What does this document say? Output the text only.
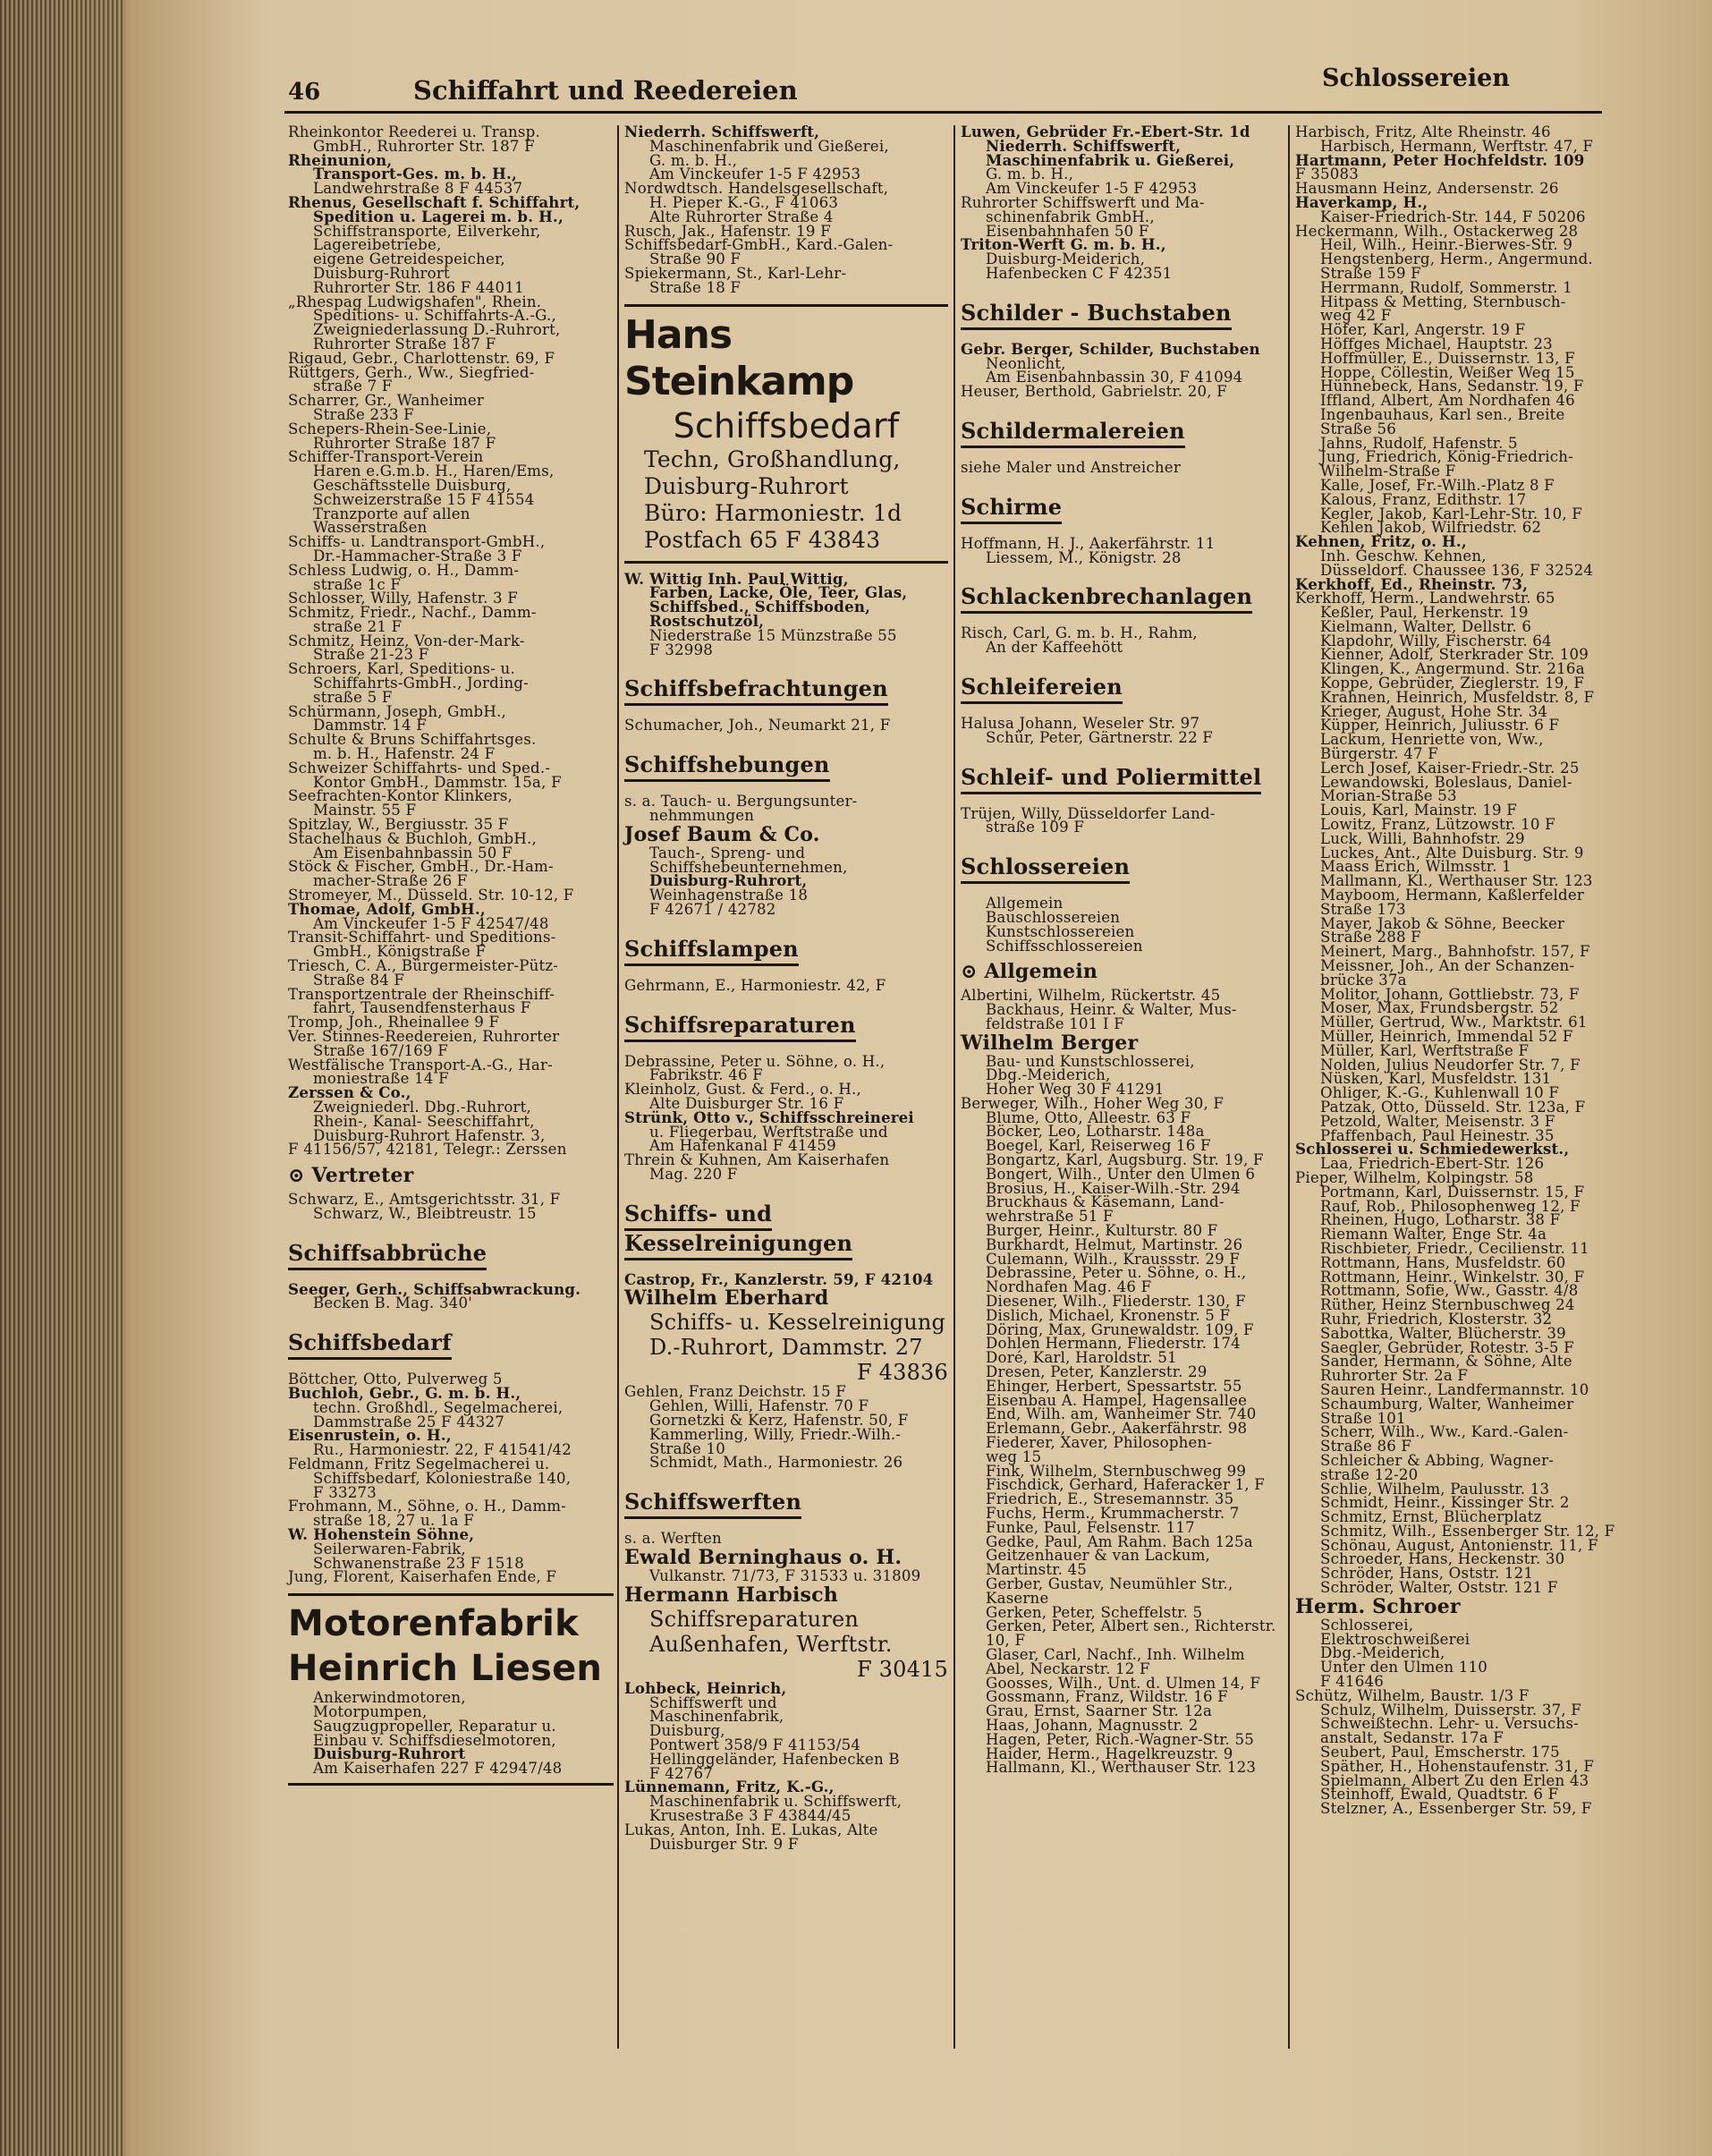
46	Schiffahrt und Reedereien	Schlossereien
Rheinkontor Reederei u. Transp.
GmbH., Ruhrorter Str. 187 F
Rheinunion,
Transport-Ges. m. b. H.,
Landwehrstraße 8 F 44537
Rhenus, Gesellschaft f. Schiffahrt,
Spedition u. Lagerei m. b. H.,
Schiffstransporte, Eilverkehr,
Lagereibetriebe,
eigene Getreidespeicher,
Duisburg-Ruhrort
Ruhrorter Str. 186 F 44011
„Rhespag Ludwigshafen", Rhein.
Speditions- u. Schiffahrts-A.-G.,
Zweigniederlassung D.-Ruhrort,
Ruhrorter Straße 187 F
Rigaud, Gebr., Charlottenstr. 69, F
Rüttgers, Gerh., Ww., Siegfried-
straße 7 F
Scharrer, Gr., Wanheimer
Straße 233 F
Schepers-Rhein-See-Linie,
Ruhrorter Straße 187 F
Schiffer-Transport-Verein
Haren e.G.m.b. H., Haren/Ems,
Geschäftsstelle Duisburg,
Schweizerstraße 15 F 41554
Tranzporte auf allen
Wasserstraßen
Schiffs- u. Landtransport-GmbH.,
Dr.-Hammacher-Straße 3 F
Schless Ludwig, o. H., Damm-
straße 1c F
Schlosser, Willy, Hafenstr. 3 F
Schmitz, Friedr., Nachf., Damm-
straße 21 F
Schmitz, Heinz, Von-der-Mark-
Straße 21-23 F
Schroers, Karl, Speditions- u.
Schiffahrts-GmbH., Jording-
straße 5 F
Schürmann, Joseph, GmbH.,
Dammstr. 14 F
Schulte & Bruns Schiffahrtsges.
m. b. H., Hafenstr. 24 F
Schweizer Schiffahrts- und Sped.-
Kontor GmbH., Dammstr. 15a, F
Seefrachten-Kontor Klinkers,
Mainstr. 55 F
Spitzlay, W., Bergiusstr. 35 F
Stachelhaus & Buchloh, GmbH.,
Am Eisenbahnbassin 50 F
Stöck & Fischer, GmbH., Dr.-Ham-
macher-Straße 26 F
Stromeyer, M., Düsseld. Str. 10-12, F
Thomae, Adolf, GmbH.,
Am Vinckeufer 1-5 F 42547/48
Transit-Schiffahrt- und Speditions-
GmbH., Königstraße F
Triesch, C. A., Bürgermeister-Pütz-
Straße 84 F
Transportzentrale der Rheinschiff-
fahrt, Tausendfensterhaus F
Tromp, Joh., Rheinallee 9 F
Ver. Stinnes-Reedereien, Ruhrorter
Straße 167/169 F
Westfälische Transport-A.-G., Har-
moniestraße 14 F
Zerssen & Co.,
Zweigniederl. Dbg.-Ruhrort,
Rhein-, Kanal- Seeschiffahrt,
Duisburg-Ruhrort Hafenstr. 3,
F 41156/57, 42181, Telegr.: Zerssen
⊙ Vertreter
Schwarz, E., Amtsgerichtsstr. 31, F
Schwarz, W., Bleibtreustr. 15
Schiffsabbrüche
Seeger, Gerh., Schiffsabwrackung.
Becken B. Mag. 340'
Schiffsbedarf
Böttcher, Otto, Pulverweg 5
Buchloh, Gebr., G. m. b. H.,
techn. Großhdl., Segelmacherei,
Dammstraße 25 F 44327
Eisenrustein, o. H.,
Ru., Harmoniestr. 22, F 41541/42
Feldmann, Fritz Segelmacherei u.
Schiffsbedarf, Koloniestraße 140,
F 33273
Frohmann, M., Söhne, o. H., Damm-
straße 18, 27 u. 1a F
W. Hohenstein Söhne,
Seilerwaren-Fabrik,
Schwanenstraße 23 F 1518
Jung, Florent, Kaiserhafen Ende, F
Motorenfabrik
Heinrich Liesen
Ankerwindmotoren,
Motorpumpen,
Saugzugpropeller, Reparatur u.
Einbau v. Schiffsdieselmotoren,
Duisburg-Ruhrort
Am Kaiserhafen 227 F 42947/48
Niederrh. Schiffswerft,
Maschinenfabrik und Gießerei,
G. m. b. H.,
Am Vinckeufer 1-5 F 42953
Nordwdtsch. Handelsgesellschaft,
H. Pieper K.-G., F 41063
Alte Ruhrorter Straße 4
Rusch, Jak., Hafenstr. 19 F
Schiffsbedarf-GmbH., Kard.-Galen-
Straße 90 F
Spiekermann, St., Karl-Lehr-
Straße 18 F
Hans Steinkamp
Schiffsbedarf
Techn, Großhandlung,
Duisburg-Ruhrort
Büro: Harmoniestr. 1d
Postfach 65 F 43843
W. Wittig Inh. Paul Wittig,
Farben, Lacke, Öle, Teer, Glas,
Schiffsbed., Schiffsboden,
Rostschutzöl,
Niederstraße 15 Münzstraße 55
F 32998
Schiffsbefrachtungen
Schumacher, Joh., Neumarkt 21, F
Schiffshebungen
s. a. Tauch- u. Bergungsunter-
nehmmungen
Josef Baum & Co.
Tauch-, Spreng- und
Schiffshebeunternehmen,
Duisburg-Ruhrort,
Weinhagenstraße 18
F 42671 / 42782
Schiffslampen
Gehrmann, E., Harmoniestr. 42, F
Schiffsreparaturen
Debrassine, Peter u. Söhne, o. H.,
Fabrikstr. 46 F
Kleinholz, Gust. & Ferd., o. H.,
Alte Duisburger Str. 16 F
Strünk, Otto v., Schiffsschreinerei
u. Fliegerbau, Werftstraße und
Am Hafenkanal F 41459
Threin & Kuhnen, Am Kaiserhafen
Mag. 220 F
Schiffs- und
Kesselreinigungen
Castrop, Fr., Kanzlerstr. 59, F 42104
Wilhelm Eberhard
Schiffs- u. Kesselreinigung
D.-Ruhrort, Dammstr. 27
F 43836
Gehlen, Franz Deichstr. 15 F
Gehlen, Willi, Hafenstr. 70 F
Gornetzki & Kerz, Hafenstr. 50, F
Kammerling, Willy, Friedr.-Wilh.-
Straße 10
Schmidt, Math., Harmoniestr. 26
Schiffswerften
s. a. Werften
Ewald Berninghaus o. H.
Vulkanstr. 71/73, F 31533 u. 31809
Hermann Harbisch
Schiffsreparaturen
Außenhafen, Werftstr.
F 30415
Lohbeck, Heinrich,
Schiffswerft und
Maschinenfabrik,
Duisburg,
Pontwert 358/9 F 41153/54
Hellinggeländer, Hafenbecken B
F 42767
Lünnemann, Fritz, K.-G.,
Maschinenfabrik u. Schiffswerft,
Krusestraße 3 F 43844/45
Lukas, Anton, Inh. E. Lukas, Alte
Duisburger Str. 9 F
Luwen, Gebrüder Fr.-Ebert-Str. 1d
Niederrh. Schiffswerft,
Maschinenfabrik u. Gießerei,
G. m. b. H.,
Am Vinckeufer 1-5 F 42953
Ruhrorter Schiffswerft und Ma-
schinenfabrik GmbH.,
Eisenbahnhafen 50 F
Triton-Werft G. m. b. H.,
Duisburg-Meiderich,
Hafenbecken C F 42351
Schilder - Buchstaben
Gebr. Berger, Schilder, Buchstaben
Neonlicht,
Am Eisenbahnbassin 30, F 41094
Heuser, Berthold, Gabrielstr. 20, F
Schildermalereien
siehe Maler und Anstreicher
Schirme
Hoffmann, H. J., Aakerfährstr. 11
Liessem, M., Königstr. 28
Schlackenbrechanlagen
Risch, Carl, G. m. b. H., Rahm,
An der Kaffeehött
Schleifereien
Halusa Johann, Weseler Str. 97
Schür, Peter, Gärtnerstr. 22 F
Schleif- und Poliermittel
Trüjen, Willy, Düsseldorfer Land-
straße 109 F
Schlossereien
Allgemein
Bauschlossereien
Kunstschlossereien
Schiffsschlossereien
⊙ Allgemein
Albertini, Wilhelm, Rückertstr. 45
Backhaus, Heinr. & Walter, Mus-
feldstraße 101 I F
Wilhelm Berger
Bau- und Kunstschlosserei,
Dbg.-Meiderich,
Hoher Weg 30 F 41291
Berweger, Wilh., Hoher Weg 30, F
Blume, Otto, Alleestr. 63 F
Böcker, Leo, Lotharstr. 148a
Boegel, Karl, Reiserweg 16 F
Bongartz, Karl, Augsburg. Str. 19, F
Bongert, Wilh., Unter den Ulmen 6
Brosius, H., Kaiser-Wilh.-Str. 294
Bruckhaus & Käsemann, Land-
wehrstraße 51 F
Burger, Heinr., Kulturstr. 80 F
Burkhardt, Helmut, Martinstr. 26
Culemann, Wilh., Kraussstr. 29 F
Debrassine, Peter u. Söhne, o. H.,
Nordhafen Mag. 46 F
Diesener, Wilh., Fliederstr. 130, F
Dislich, Michael, Kronenstr. 5 F
Döring, Max, Grunewaldstr. 109, F
Dohlen Hermann, Fliederstr. 174
Doré, Karl, Haroldstr. 51
Dresen, Peter, Kanzlerstr. 29
Ehinger, Herbert, Spessartstr. 55
Eisenbau A. Hampel, Hagensallee
End, Wilh. am, Wanheimer Str. 740
Erlemann, Gebr., Aakerfährstr. 98
Fiederer, Xaver, Philosophen-
weg 15
Fink, Wilhelm, Sternbuschweg 99
Fischdick, Gerhard, Haferacker 1, F
Friedrich, E., Stresemannstr. 35
Fuchs, Herm., Krummacherstr. 7
Funke, Paul, Felsenstr. 117
Gedke, Paul, Am Rahm. Bach 125a
Geitzenhauer & van Lackum,
Martinstr. 45
Gerber, Gustav, Neumühler Str.,
Kaserne
Gerken, Peter, Scheffelstr. 5
Gerken, Peter, Albert sen., Richterstr. 10, F
Glaser, Carl, Nachf., Inh. Wilhelm
Abel, Neckarstr. 12 F
Goosses, Wilh., Unt. d. Ulmen 14, F
Gossmann, Franz, Wildstr. 16 F
Grau, Ernst, Saarner Str. 12a
Haas, Johann, Magnusstr. 2
Hagen, Peter, Rich.-Wagner-Str. 55
Haider, Herm., Hagelkreuzstr. 9
Hallmann, Kl., Werthauser Str. 123
Harbisch, Fritz, Alte Rheinstr. 46
Harbisch, Hermann, Werftstr. 47, F
Hartmann, Peter Hochfeldstr. 109
F 35083
Hausmann Heinz, Andersenstr. 26
Haverkamp, H.,
Kaiser-Friedrich-Str. 144, F 50206
Heckermann, Wilh., Ostackerweg 28
Heil, Wilh., Heinr.-Bierwes-Str. 9
Hengstenberg, Herm., Angermund.
Straße 159 F
Herrmann, Rudolf, Sommerstr. 1
Hitpass & Metting, Sternbusch-
weg 42 F
Höfer, Karl, Angerstr. 19 F
Höffges Michael, Hauptstr. 23
Hoffmüller, E., Duissernstr. 13, F
Hoppe, Cöllestin, Weißer Weg 15
Hünnebeck, Hans, Sedanstr. 19, F
Iffland, Albert, Am Nordhafen 46
Ingenbauhaus, Karl sen., Breite
Straße 56
Jahns, Rudolf, Hafenstr. 5
Jung, Friedrich, König-Friedrich-
Wilhelm-Straße F
Kalle, Josef, Fr.-Wilh.-Platz 8 F
Kalous, Franz, Edithstr. 17
Kegler, Jakob, Karl-Lehr-Str. 10, F
Kehlen Jakob, Wilfriedstr. 62
Kehnen, Fritz, o. H.,
Inh. Geschw. Kehnen,
Düsseldorf. Chaussee 136, F 32524
Kerkhoff, Ed., Rheinstr. 73,
Kerkhoff, Herm., Landwehrstr. 65
Keßler, Paul, Herkenstr. 19
Kielmann, Walter, Dellstr. 6
Klapdohr, Willy, Fischerstr. 64
Kienner, Adolf, Sterkrader Str. 109
Klingen, K., Angermund. Str. 216a
Koppe, Gebrüder, Zieglerstr. 19, F
Krahnen, Heinrich, Musfeldstr. 8, F
Krieger, August, Hohe Str. 34
Küpper, Heinrich, Juliusstr. 6 F
Lackum, Henriette von, Ww.,
Bürgerstr. 47 F
Lerch Josef, Kaiser-Friedr.-Str. 25
Lewandowski, Boleslaus, Daniel-
Morian-Straße 53
Louis, Karl, Mainstr. 19 F
Lowitz, Franz, Lützowstr. 10 F
Luck, Willi, Bahnhofstr. 29
Luckes, Ant., Alte Duisburg. Str. 9
Maass Erich, Wilmsstr. 1
Mallmann, Kl., Werthauser Str. 123
Mayboom, Hermann, Kaßlerfelder
Straße 173
Mayer, Jakob & Söhne, Beecker
Straße 288 F
Meinert, Marg., Bahnhofstr. 157, F
Meissner, Joh., An der Schanzen-
brücke 37a
Molitor, Johann, Gottliebstr. 73, F
Moser, Max, Frundsbergstr. 52
Müller, Gertrud, Ww., Marktstr. 61
Müller, Heinrich, Immendal 52 F
Müller, Karl, Werftstraße F
Nolden, Julius Neudorfer Str. 7, F
Nüsken, Karl, Musfeldstr. 131
Ohliger, K.-G., Kuhlenwall 10 F
Patzak, Otto, Düsseld. Str. 123a, F
Petzold, Walter, Meisenstr. 3 F
Pfaffenbach, Paul Heinestr. 35
Schlosserei u. Schmiedewerkst.,
Laa, Friedrich-Ebert-Str. 126
Pieper, Wilhelm, Kolpingstr. 58
Portmann, Karl, Duissernstr. 15, F
Rauf, Rob., Philosophenweg 12, F
Rheinen, Hugo, Lotharstr. 38 F
Riemann Walter, Enge Str. 4a
Rischbieter, Friedr., Cecilienstr. 11
Rottmann, Hans, Musfeldstr. 60
Rottmann, Heinr., Winkelstr. 30, F
Rottmann, Sofie, Ww., Gasstr. 4/8
Rüther, Heinz Sternbuschweg 24
Ruhr, Friedrich, Klosterstr. 32
Sabottka, Walter, Blücherstr. 39
Saegler, Gebrüder, Rotestr. 3-5 F
Sander, Hermann, & Söhne, Alte
Ruhrorter Str. 2a F
Sauren Heinr., Landfermannstr. 10
Schaumburg, Walter, Wanheimer
Straße 101
Scherr, Wilh., Ww., Kard.-Galen-
Straße 86 F
Schleicher & Abbing, Wagner-
straße 12-20
Schlie, Wilhelm, Paulusstr. 13
Schmidt, Heinr., Kissinger Str. 2
Schmitz, Ernst, Blücherplatz
Schmitz, Wilh., Essenberger Str. 12, F
Schönau, August, Antonienstr. 11, F
Schroeder, Hans, Heckenstr. 30
Schröder, Hans, Oststr. 121
Schröder, Walter, Oststr. 121 F
Herm. Schroer
Schlosserei,
Elektroschweißerei
Dbg.-Meiderich,
Unter den Ulmen 110
F 41646
Schütz, Wilhelm, Baustr. 1/3 F
Schulz, Wilhelm, Duisserstr. 37, F
Schweißtechn. Lehr- u. Versuchs-
anstalt, Sedanstr. 17a F
Seubert, Paul, Emscherstr. 175
Späther, H., Hohenstaufenstr. 31, F
Spielmann, Albert Zu den Erlen 43
Steinhoff, Ewald, Quadtstr. 6 F
Stelzner, A., Essenberger Str. 59, F
